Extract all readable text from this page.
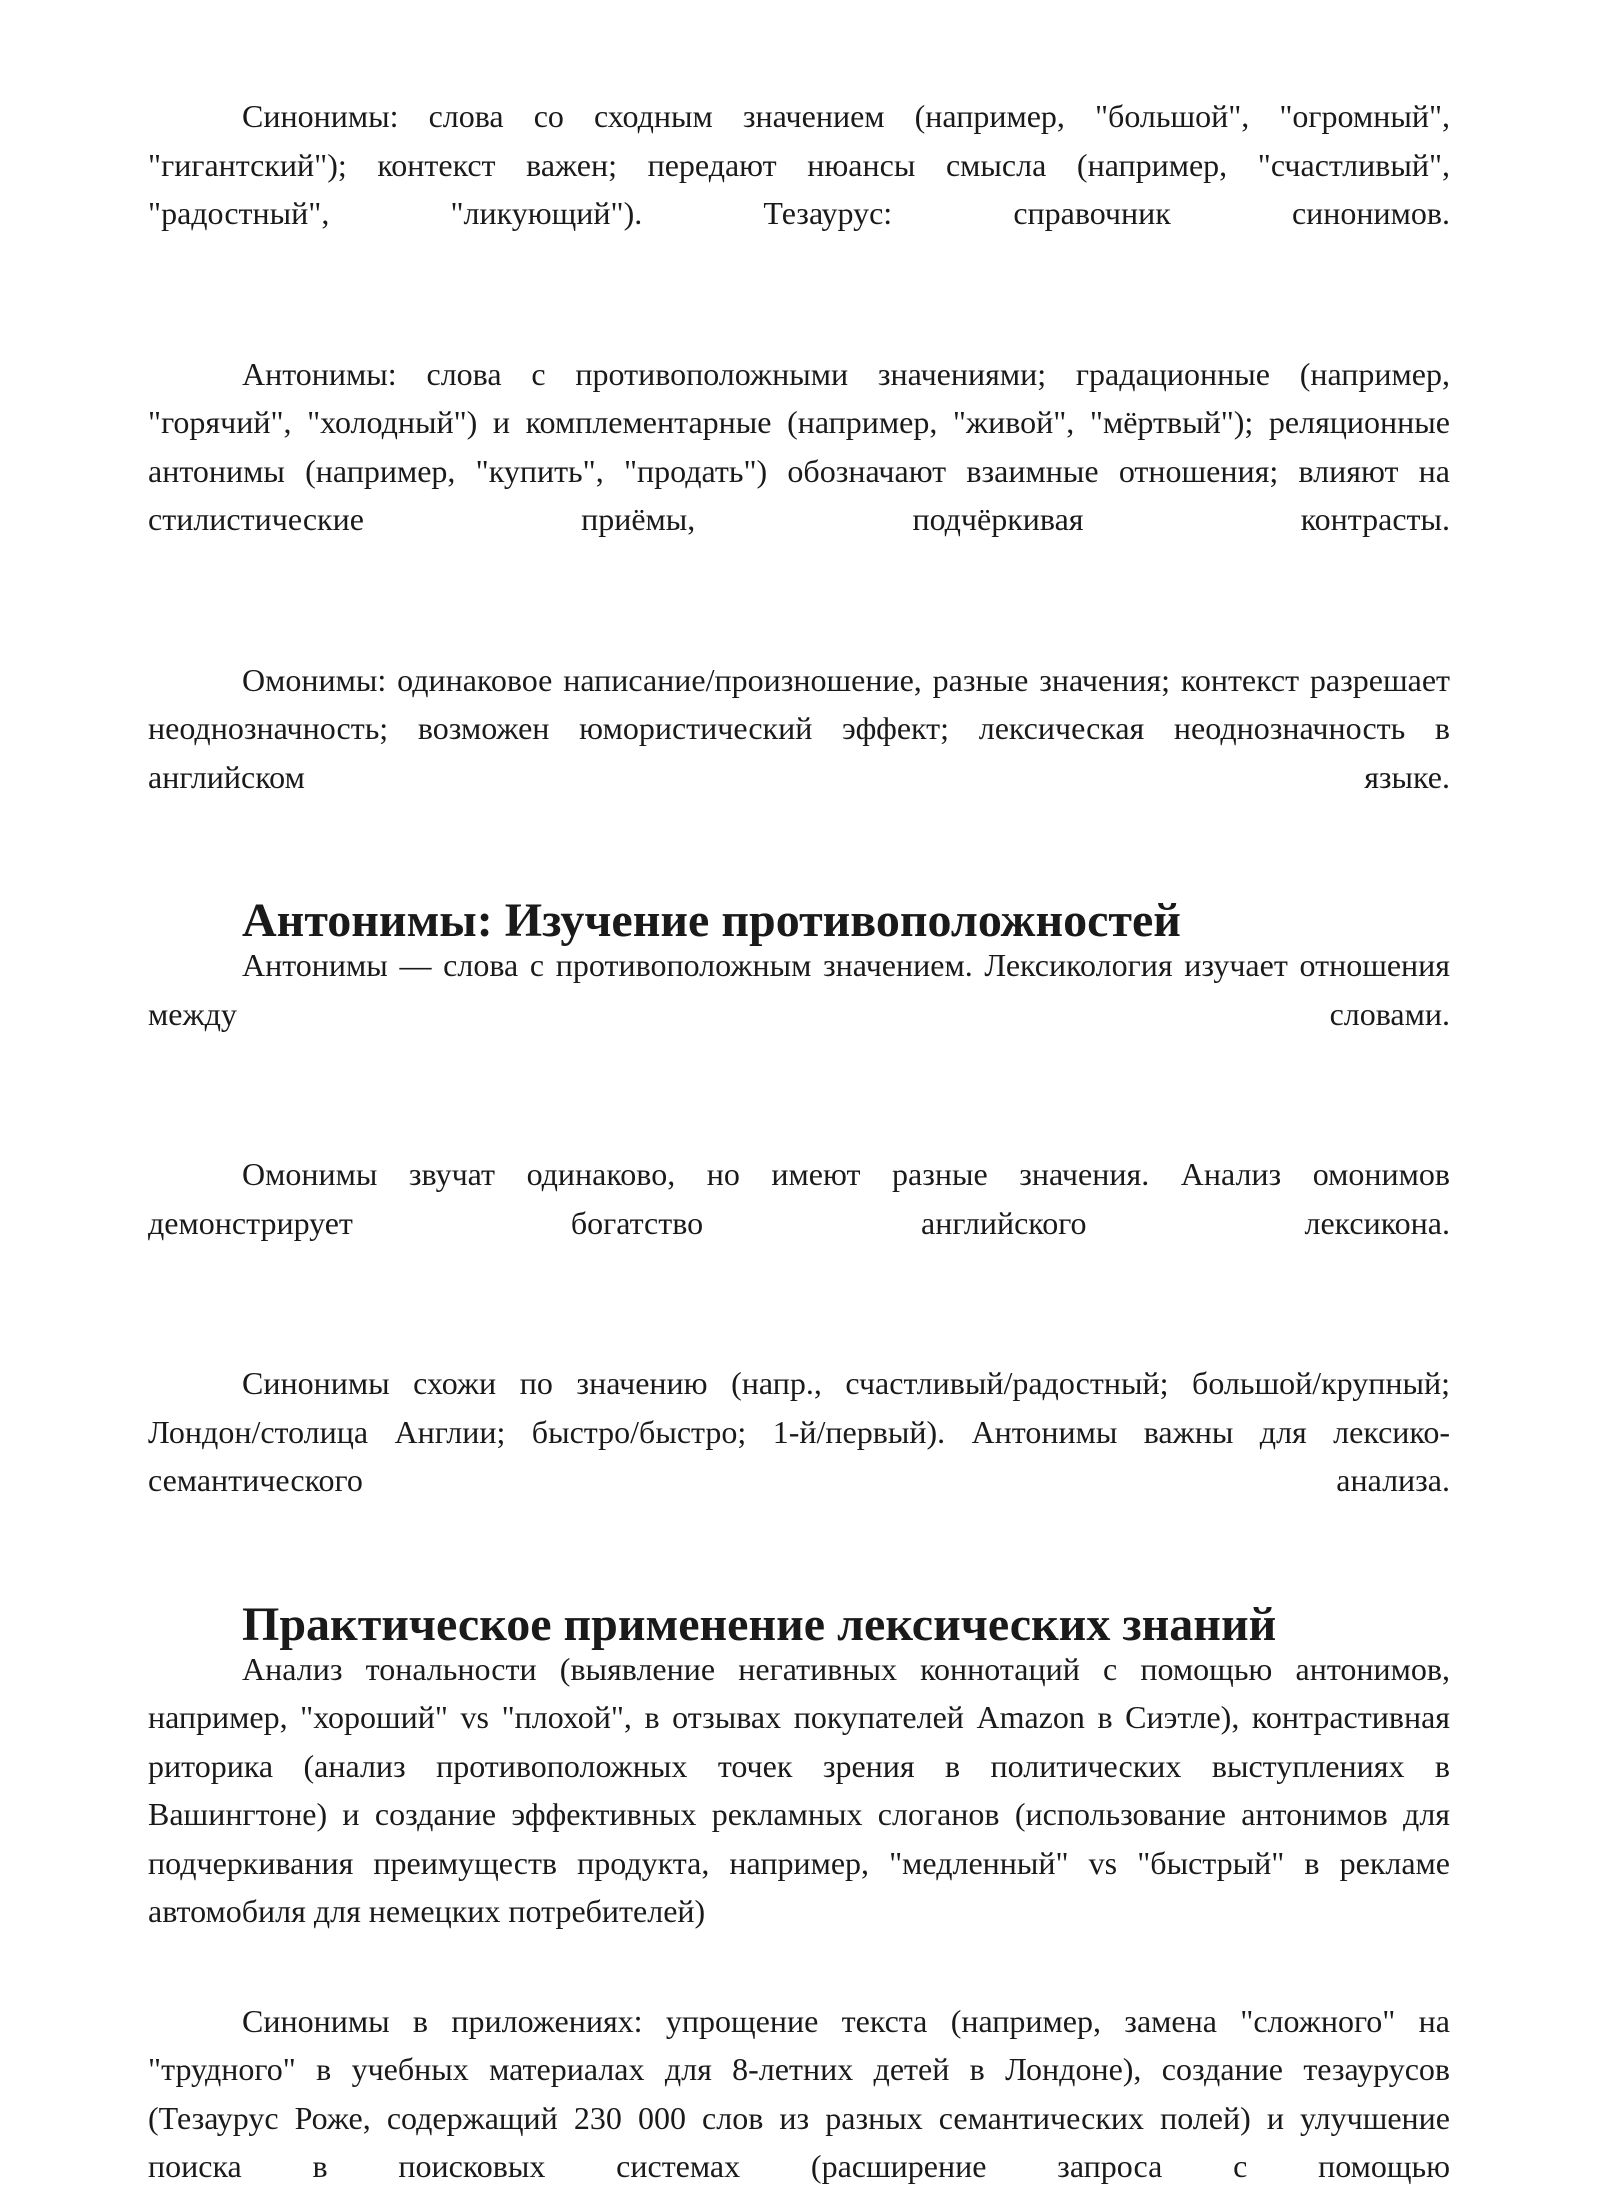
Синонимы: слова со сходным значением (например, "большой", "огромный", "гигантский"); контекст важен; передают нюансы смысла (например, "счастливый", "радостный", "ликующий"). Тезаурус: справочник синонимов.

Антонимы: слова с противоположными значениями; градационные (например, "горячий", "холодный") и комплементарные (например, "живой", "мёртвый"); реляционные антонимы (например, "купить", "продать") обозначают взаимные отношения; влияют на стилистические приёмы, подчёркивая контрасты.

Омонимы: одинаковое написание/произношение, разные значения; контекст разрешает неоднозначность; возможен юмористический эффект; лексическая неоднозначность в английском языке.

Антонимы: Изучение противоположностей

Антонимы — слова с противоположным значением. Лексикология изучает отношения между словами.

Омонимы звучат одинаково, но имеют разные значения. Анализ омонимов демонстрирует богатство английского лексикона.

Синонимы схожи по значению (напр., счастливый/радостный; большой/крупный; Лондон/столица Англии; быстро/быстро; 1-й/первый). Антонимы важны для лексико-семантического анализа.

Практическое применение лексических знаний

Анализ тональности (выявление негативных коннотаций с помощью антонимов, например, "хороший" vs "плохой", в отзывах покупателей Amazon в Сиэтле), контрастивная риторика (анализ противоположных точек зрения в политических выступлениях в Вашингтоне) и создание эффективных рекламных слоганов (использование антонимов для подчеркивания преимуществ продукта, например, "медленный" vs "быстрый" в рекламе автомобиля для немецких потребителей)

Синонимы в приложениях: упрощение текста (например, замена "сложного" на "трудного" в учебных материалах для 8-летних детей в Лондоне), создание тезаурусов (Тезаурус Роже, содержащий 230 000 слов из разных семантических полей) и улучшение поиска в поисковых системах (расширение запроса с помощью
